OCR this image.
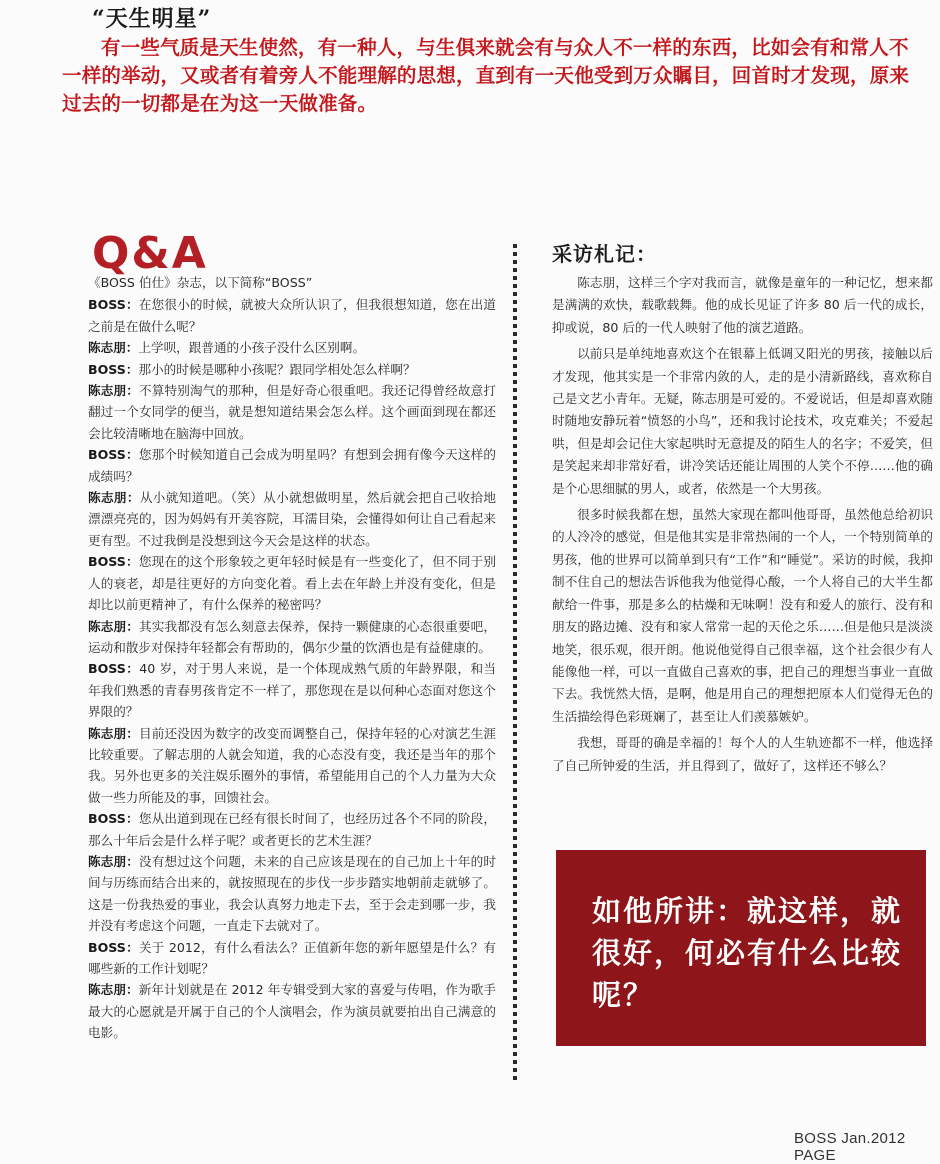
“天生明星”

有一些气质是天生使然，有一种人，与生俱来就会有与众人不一样的东西，比如会有和常人不一样的举动，又或者有着旁人不能理解的思想，直到有一天他受到万众瞩目，回首时才发现，原来过去的一切都是在为这一天做准备。

Q&A

《BOSS 伯仕》杂志，以下简称“BOSS”

BOSS：在您很小的时候，就被大众所认识了，但我很想知道，您在出道之前是在做什么呢？

陈志朋：上学呗，跟普通的小孩子没什么区别啊。

BOSS：那小的时候是哪种小孩呢？跟同学相处怎么样啊？

陈志朋：不算特别淘气的那种，但是好奇心很重吧。我还记得曾经故意打翻过一个女同学的便当，就是想知道结果会怎么样。这个画面到现在都还会比较清晰地在脑海中回放。

BOSS：您那个时候知道自己会成为明星吗？有想到会拥有像今天这样的成绩吗？

陈志朋：从小就知道吧。（笑）从小就想做明星，然后就会把自己收拾地漂漂亮亮的，因为妈妈有开美容院，耳濡目染，会懂得如何让自己看起来更有型。不过我倒是没想到这今天会是这样的状态。

BOSS：您现在的这个形象较之更年轻时候是有一些变化了，但不同于别人的衰老，却是往更好的方向变化着。看上去在年龄上并没有变化，但是却比以前更精神了，有什么保养的秘密吗？

陈志朋：其实我都没有怎么刻意去保养，保持一颗健康的心态很重要吧，运动和散步对保持年轻都会有帮助的，偶尔少量的饮酒也是有益健康的。

BOSS：40 岁，对于男人来说，是一个体现成熟气质的年龄界限，和当年我们熟悉的青春男孩肯定不一样了，那您现在是以何种心态面对您这个界限的？

陈志朋：目前还没因为数字的改变而调整自己，保持年轻的心对演艺生涯比较重要。了解志朋的人就会知道，我的心态没有变，我还是当年的那个我。另外也更多的关注娱乐圈外的事情，希望能用自己的个人力量为大众做一些力所能及的事，回馈社会。

BOSS：您从出道到现在已经有很长时间了，也经历过各个不同的阶段，那么十年后会是什么样子呢？或者更长的艺术生涯？

陈志朋：没有想过这个问题，未来的自己应该是现在的自己加上十年的时间与历练而结合出来的，就按照现在的步伐一步步踏实地朝前走就够了。这是一份我热爱的事业，我会认真努力地走下去，至于会走到哪一步，我并没有考虑这个问题，一直走下去就对了。

BOSS：关于 2012，有什么看法么？正值新年您的新年愿望是什么？有哪些新的工作计划呢？

陈志朋：新年计划就是在 2012 年专辑受到大家的喜爱与传唱，作为歌手最大的心愿就是开属于自己的个人演唱会，作为演员就要拍出自己满意的电影。

采访札记：

陈志朋，这样三个字对我而言，就像是童年的一种记忆，想来都是满满的欢快，载歌载舞。他的成长见证了许多 80 后一代的成长，抑或说，80 后的一代人映射了他的演艺道路。

以前只是单纯地喜欢这个在银幕上低调又阳光的男孩，接触以后才发现，他其实是一个非常内敛的人，走的是小清新路线，喜欢称自己是文艺小青年。无疑，陈志朋是可爱的。不爱说话，但是却喜欢随时随地安静玩着“愤怒的小鸟”，还和我讨论技术，攻克难关；不爱起哄，但是却会记住大家起哄时无意提及的陌生人的名字；不爱笑，但是笑起来却非常好看，讲冷笑话还能让周围的人笑个不停……他的确是个心思细腻的男人，或者，依然是一个大男孩。

很多时候我都在想，虽然大家现在都叫他哥哥，虽然他总给初识的人冷冷的感觉，但是他其实是非常热闹的一个人，一个特别简单的男孩，他的世界可以简单到只有“工作”和“睡觉”。采访的时候，我抑制不住自己的想法告诉他我为他觉得心酸，一个人将自己的大半生都献给一件事，那是多么的枯燥和无味啊！没有和爱人的旅行、没有和朋友的路边摊、没有和家人常常一起的天伦之乐……但是他只是淡淡地笑，很乐观，很开朗。他说他觉得自己很幸福，这个社会很少有人能像他一样，可以一直做自己喜欢的事，把自己的理想当事业一直做下去。我恍然大悟，是啊，他是用自己的理想把原本人们觉得无色的生活描绘得色彩斑斓了，甚至让人们羡慕嫉妒。

我想，哥哥的确是幸福的！每个人的人生轨迹都不一样，他选择了自己所钟爱的生活，并且得到了，做好了，这样还不够么？

如他所讲：就这样，就很好，何必有什么比较呢？
BOSS Jan.2012 PAGE
